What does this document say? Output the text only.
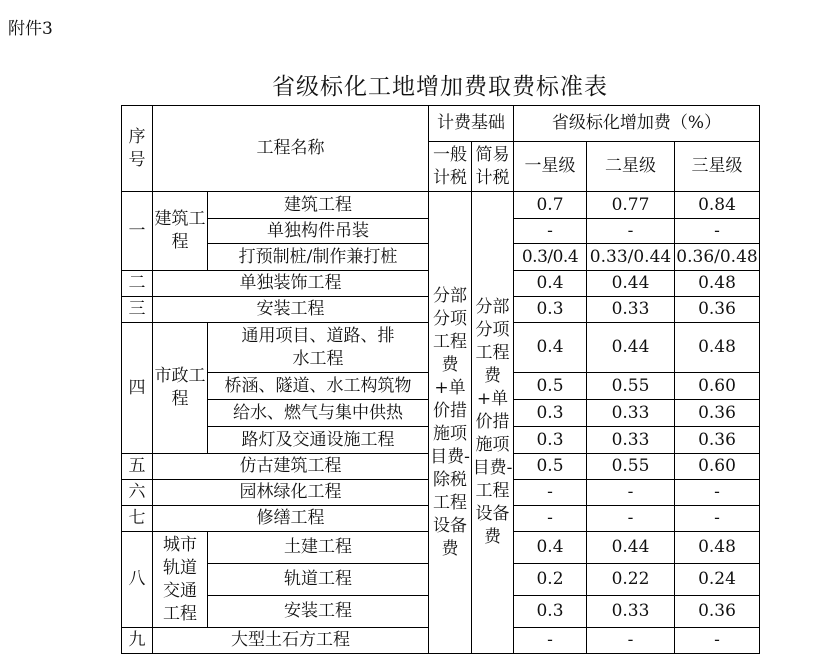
附件3
省级标化工地增加费取费标准表
序号	工程名称		计费基础		省级标化增加费（%）		
			一般计税	简易计税	一星级	二星级	三星级
一	建筑工程	建筑工程	分部分项工程费+单价措施项目费-除税工程设备费	分部分项工程费+单价措施项目费-工程设备费	0.7	0.77	0.84
		单独构件吊装			-	-	-
		打预制桩/制作兼打桩			0.3/0.4	0.33/0.44	0.36/0.48
二	单独装饰工程				0.4	0.44	0.48
三	安装工程				0.3	0.33	0.36
四	市政工程	通用项目、道路、排水工程			0.4	0.44	0.48
		桥涵、隧道、水工构筑物			0.5	0.55	0.60
		给水、燃气与集中供热			0.3	0.33	0.36
		路灯及交通设施工程			0.3	0.33	0.36
五	仿古建筑工程				0.5	0.55	0.60
六	园林绿化工程				-	-	-
七	修缮工程				-	-	-
八	城市轨道交通工程	土建工程			0.4	0.44	0.48
		轨道工程			0.2	0.22	0.24
		安装工程			0.3	0.33	0.36
九	大型土石方工程				-	-	-
